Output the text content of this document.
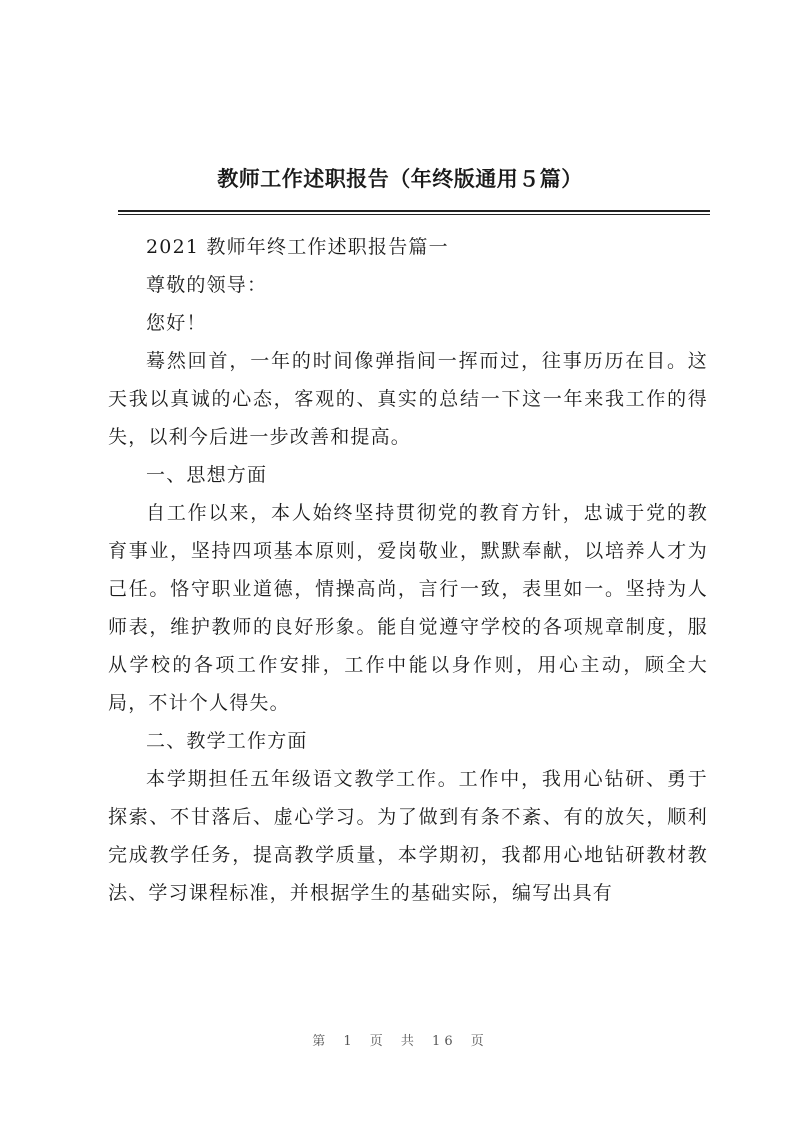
教师工作述职报告（年终版通用５篇）

2021 教师年终工作述职报告篇一

尊敬的领导：

您好！

蓦然回首，一年的时间像弹指间一挥而过，往事历历在目。这天我以真诚的心态，客观的、真实的总结一下这一年来我工作的得失，以利今后进一步改善和提高。

一、思想方面

自工作以来，本人始终坚持贯彻党的教育方针，忠诚于党的教育事业，坚持四项基本原则，爱岗敬业，默默奉献，以培养人才为己任。恪守职业道德，情操高尚，言行一致，表里如一。坚持为人师表，维护教师的良好形象。能自觉遵守学校的各项规章制度，服从学校的各项工作安排，工作中能以身作则，用心主动，顾全大局，不计个人得失。

二、教学工作方面

本学期担任五年级语文教学工作。工作中，我用心钻研、勇于探索、不甘落后、虚心学习。为了做到有条不紊、有的放矢，顺利完成教学任务，提高教学质量，本学期初，我都用心地钻研教材教法、学习课程标准，并根据学生的基础实际，编写出具有

第 1 页 共 16 页
